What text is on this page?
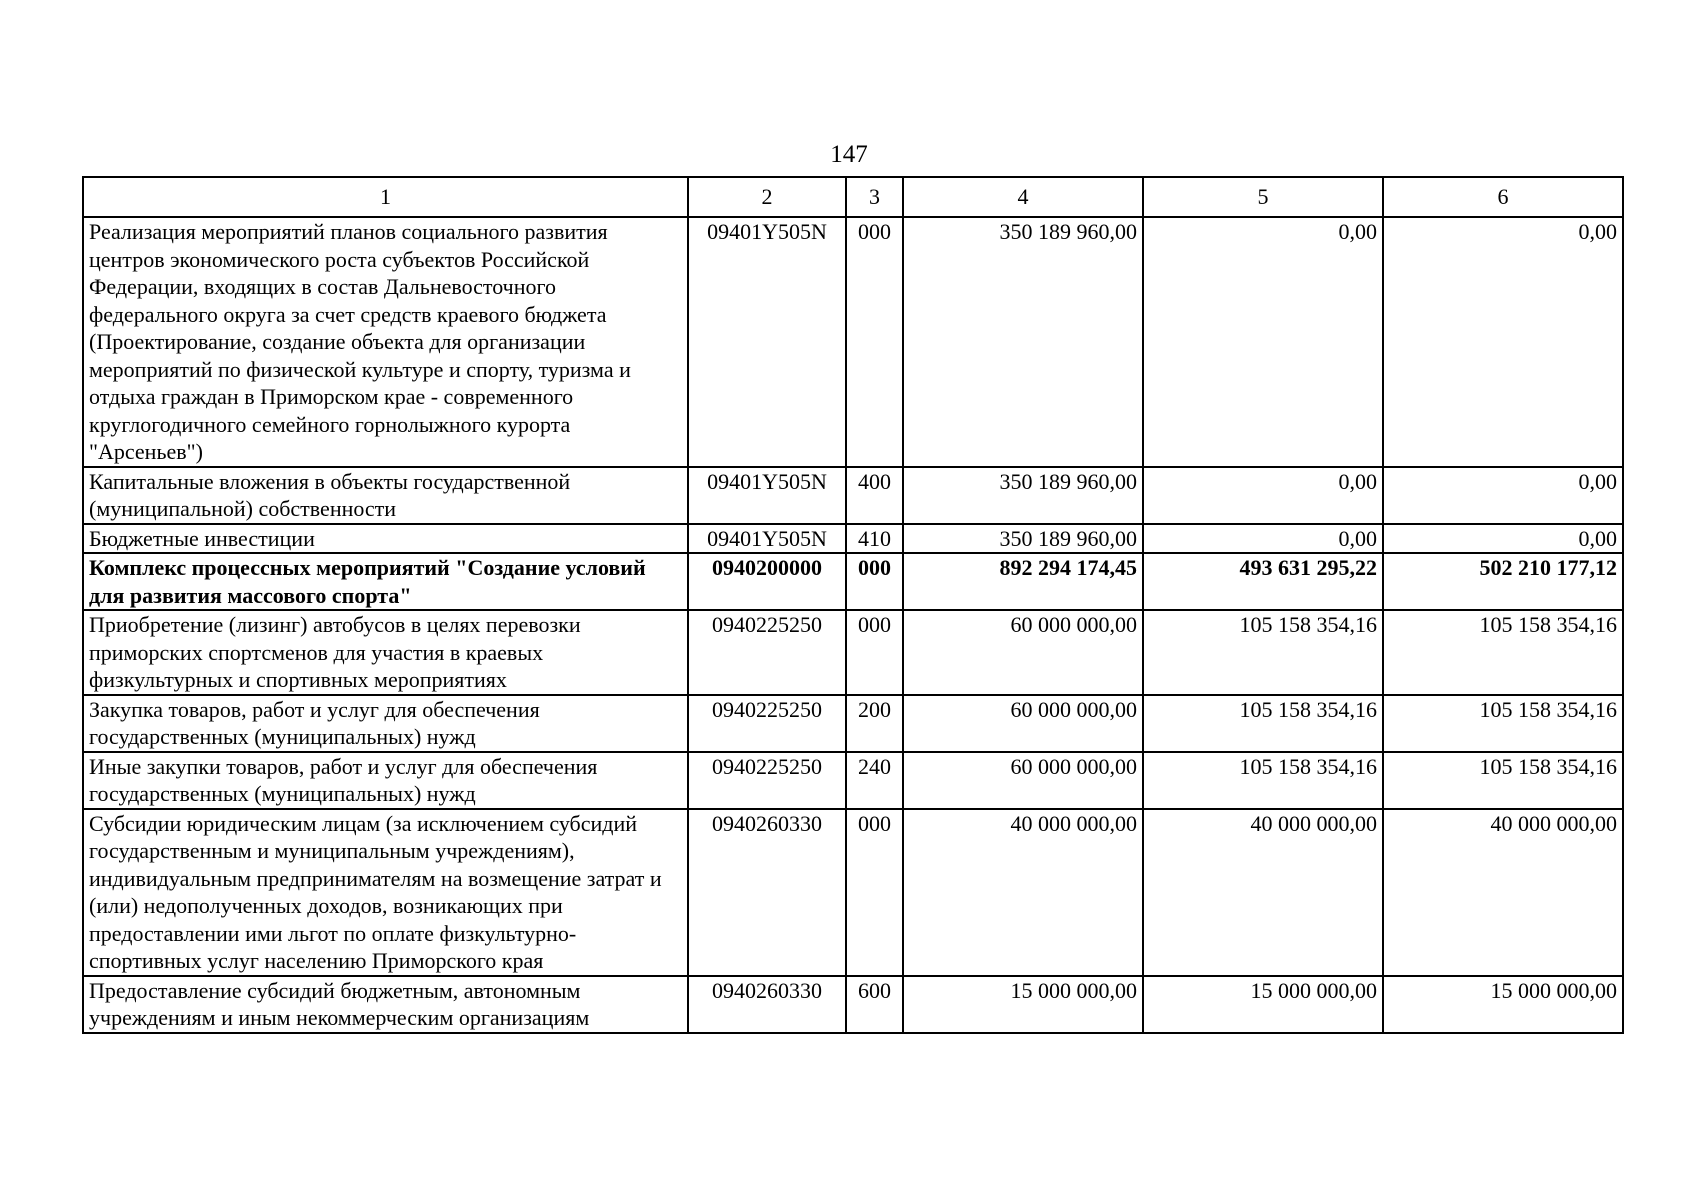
147
1	2	3	4	5	6
Реализация мероприятий планов социального развития центров экономического роста субъектов Российской Федерации, входящих в состав Дальневосточного федерального округа за счет средств краевого бюджета (Проектирование, создание объекта для организации мероприятий по физической культуре и спорту, туризма и отдыха граждан в Приморском крае - современного круглогодичного семейного горнолыжного курорта "Арсеньев")	09401Y505N	000	350 189 960,00	0,00	0,00
Капитальные вложения в объекты государственной (муниципальной) собственности	09401Y505N	400	350 189 960,00	0,00	0,00
Бюджетные инвестиции	09401Y505N	410	350 189 960,00	0,00	0,00
Комплекс процессных мероприятий "Создание условий для развития массового спорта"	0940200000	000	892 294 174,45	493 631 295,22	502 210 177,12
Приобретение (лизинг) автобусов в целях перевозки приморских спортсменов для участия в краевых физкультурных и спортивных мероприятиях	0940225250	000	60 000 000,00	105 158 354,16	105 158 354,16
Закупка товаров, работ и услуг для обеспечения государственных (муниципальных) нужд	0940225250	200	60 000 000,00	105 158 354,16	105 158 354,16
Иные закупки товаров, работ и услуг для обеспечения государственных (муниципальных) нужд	0940225250	240	60 000 000,00	105 158 354,16	105 158 354,16
Субсидии юридическим лицам (за исключением субсидий государственным и муниципальным учреждениям), индивидуальным предпринимателям на возмещение затрат и (или) недополученных доходов, возникающих при предоставлении ими льгот по оплате физкультурно-спортивных услуг населению Приморского края	0940260330	000	40 000 000,00	40 000 000,00	40 000 000,00
Предоставление субсидий бюджетным, автономным учреждениям и иным некоммерческим организациям	0940260330	600	15 000 000,00	15 000 000,00	15 000 000,00
